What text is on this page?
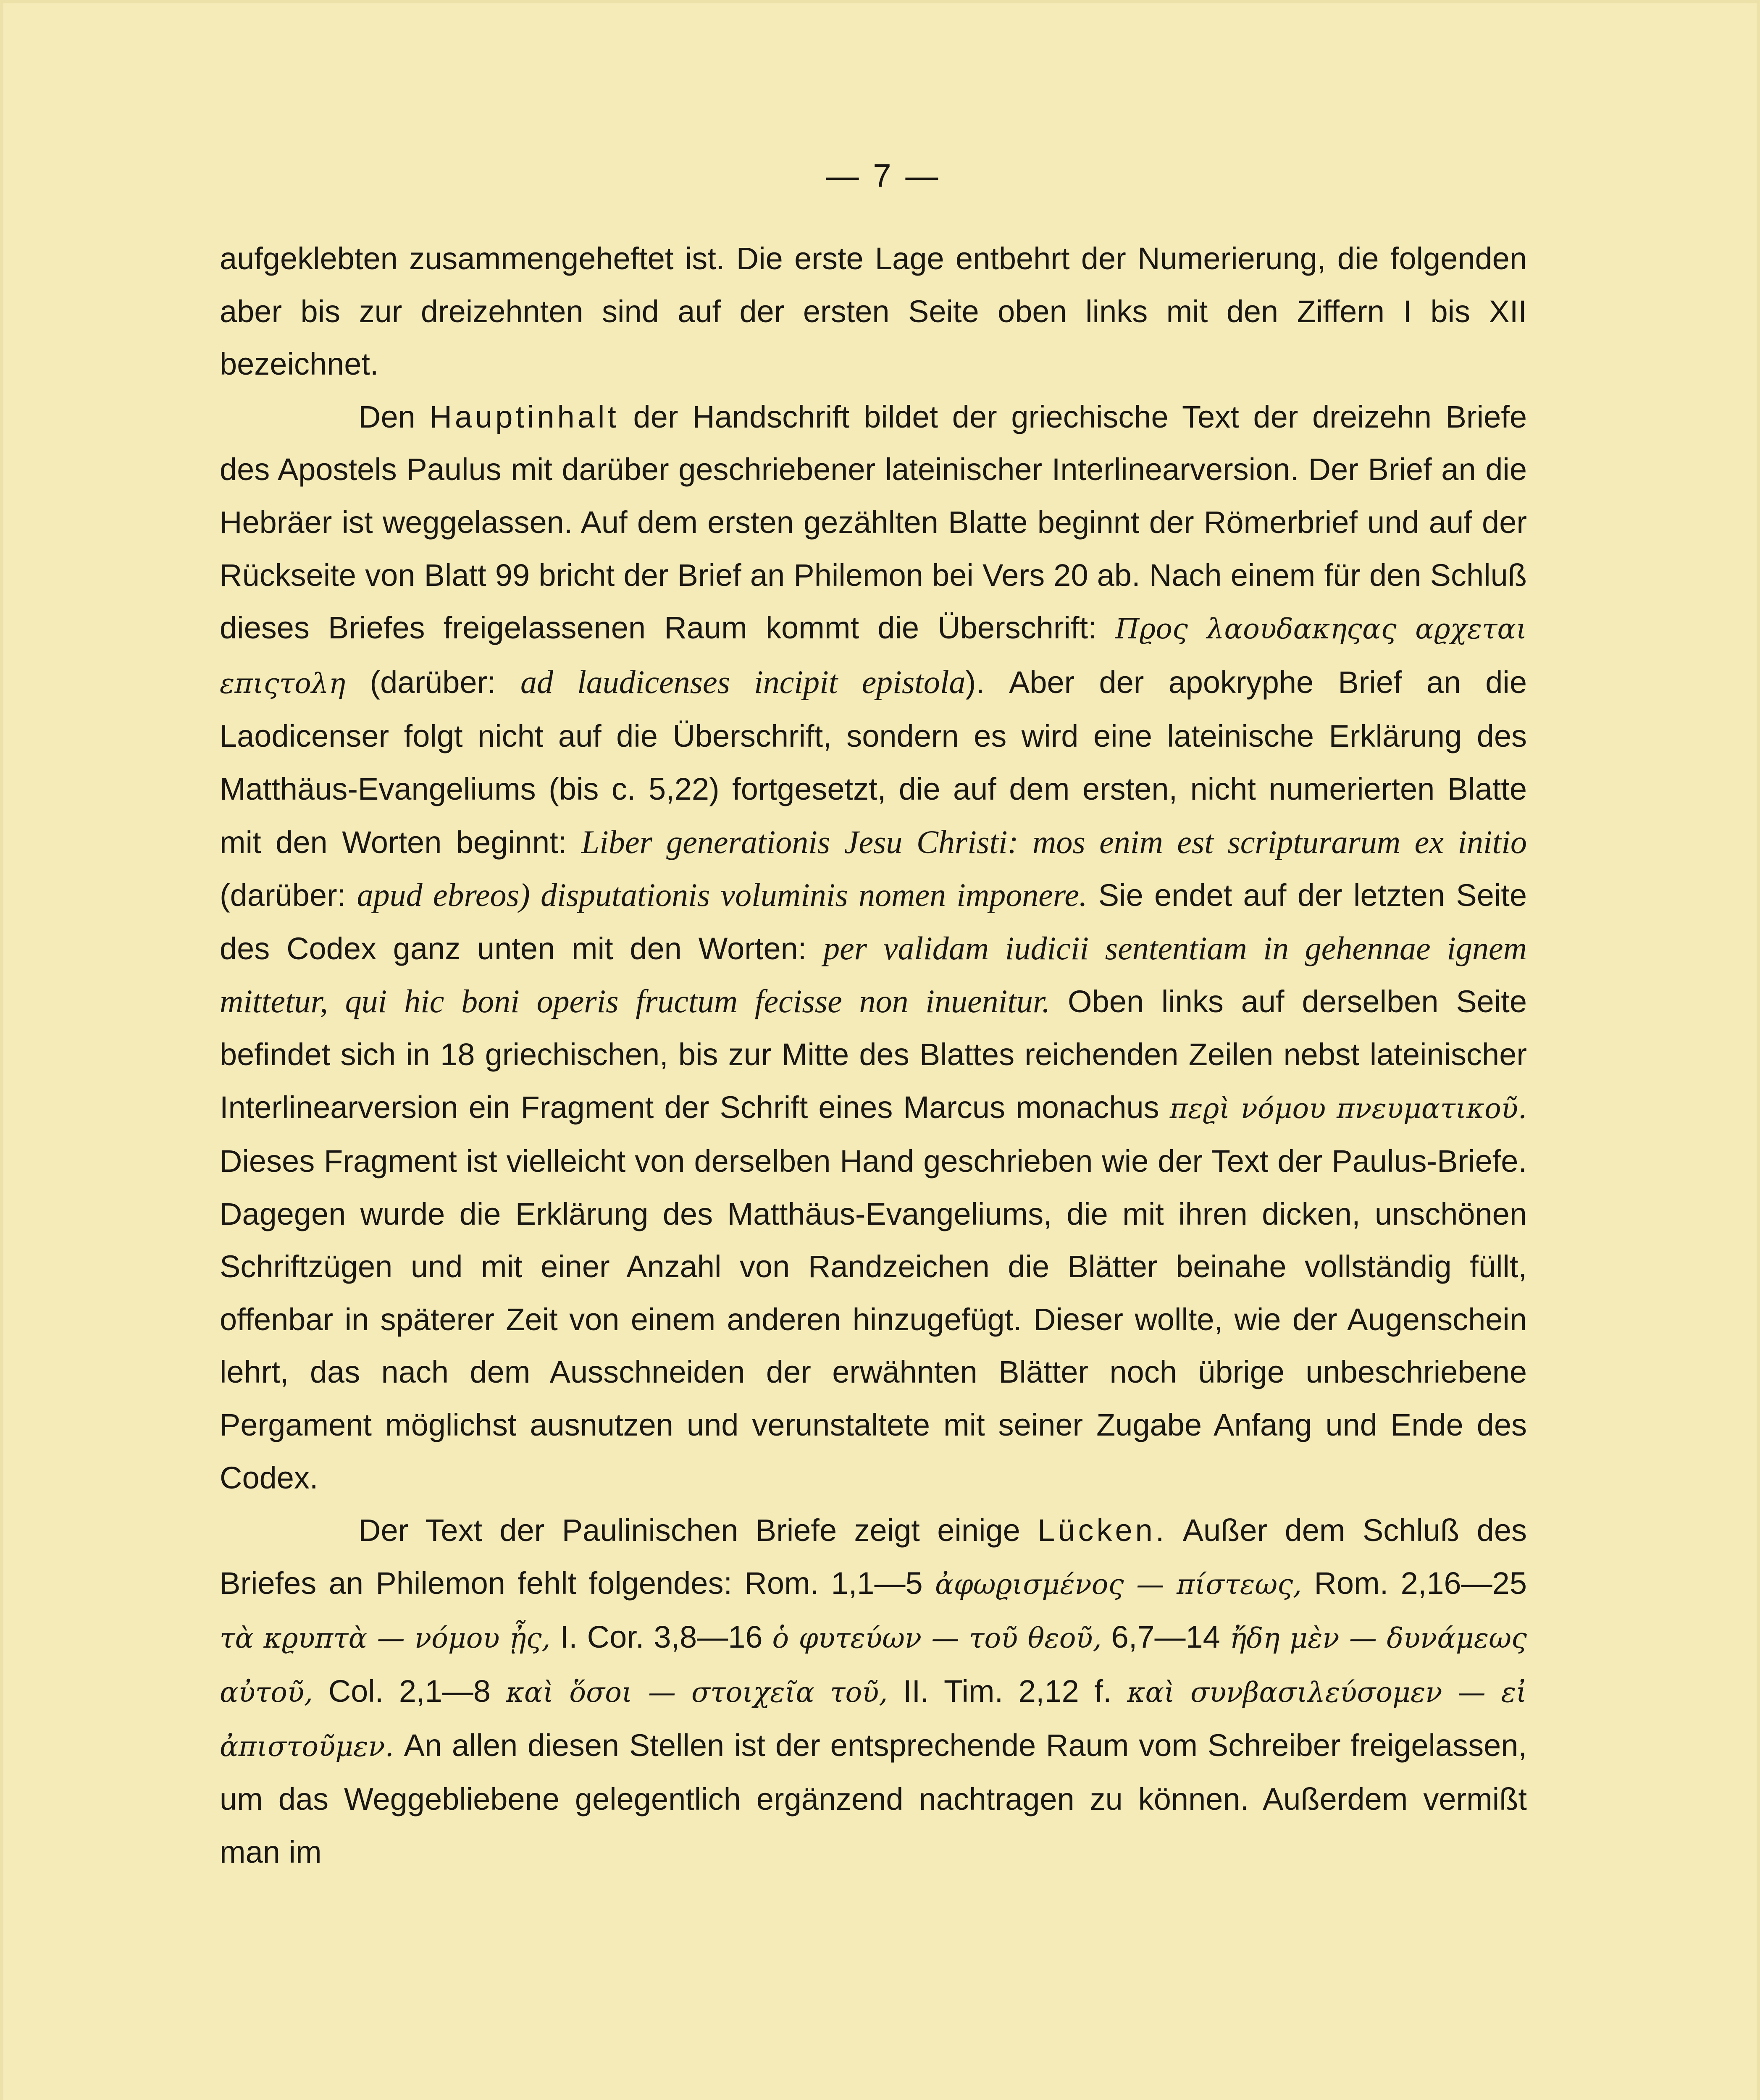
— 7 —

aufgeklebten zusammengeheftet ist. Die erste Lage entbehrt der Numerierung, die folgenden aber bis zur dreizehnten sind auf der ersten Seite oben links mit den Ziffern I bis XII bezeichnet.

Den Hauptinhalt der Handschrift bildet der griechische Text der dreizehn Briefe des Apostels Paulus mit darüber geschriebener lateinischer Interlinearversion. Der Brief an die Hebräer ist weggelassen. Auf dem ersten gezählten Blatte beginnt der Römerbrief und auf der Rückseite von Blatt 99 bricht der Brief an Philemon bei Vers 20 ab. Nach einem für den Schluß dieses Briefes freigelassenen Raum kommt die Überschrift: Πϱος λαουδακηςας αϱχεται επιςτολη (darüber: ad laudicenses incipit epistola). Aber der apokryphe Brief an die Laodicenser folgt nicht auf die Überschrift, sondern es wird eine lateinische Erklärung des Matthäus-Evangeliums (bis c. 5,22) fortgesetzt, die auf dem ersten, nicht numerierten Blatte mit den Worten beginnt: Liber generationis Jesu Christi: mos enim est scripturarum ex initio (darüber: apud ebreos) disputationis voluminis nomen imponere. Sie endet auf der letzten Seite des Codex ganz unten mit den Worten: per validam iudicii sententiam in gehennae ignem mittetur, qui hic boni operis fructum fecisse non inuenitur. Oben links auf derselben Seite befindet sich in 18 griechischen, bis zur Mitte des Blattes reichenden Zeilen nebst lateinischer Interlinearversion ein Fragment der Schrift eines Marcus monachus πεϱὶ νόμου πνευματικοῦ. Dieses Fragment ist vielleicht von derselben Hand geschrieben wie der Text der Paulus-Briefe. Dagegen wurde die Erklärung des Matthäus-Evangeliums, die mit ihren dicken, unschönen Schriftzügen und mit einer Anzahl von Randzeichen die Blätter beinahe vollständig füllt, offenbar in späterer Zeit von einem anderen hinzugefügt. Dieser wollte, wie der Augenschein lehrt, das nach dem Ausschneiden der erwähnten Blätter noch übrige unbeschriebene Pergament möglichst ausnutzen und verunstaltete mit seiner Zugabe Anfang und Ende des Codex.

Der Text der Paulinischen Briefe zeigt einige Lücken. Außer dem Schluß des Briefes an Philemon fehlt folgendes: Rom. 1,1—5 ἀφωϱισμένος — πίστεως, Rom. 2,16—25 τὰ κϱυπτὰ — νόμου ᾖς, I. Cor. 3,8—16 ὁ φυτεύων — τοῦ θεοῦ, 6,7—14 ἤδη μὲν — δυνάμεως αὐτοῦ, Col. 2,1—8 καὶ ὅσοι — στοιχεῖα τοῦ, II. Tim. 2,12 f. καὶ συνβασιλεύσομεν — εἰ ἀπιστοῦμεν. An allen diesen Stellen ist der entsprechende Raum vom Schreiber freigelassen, um das Weggebliebene gelegentlich ergänzend nachtragen zu können. Außerdem vermißt man im
